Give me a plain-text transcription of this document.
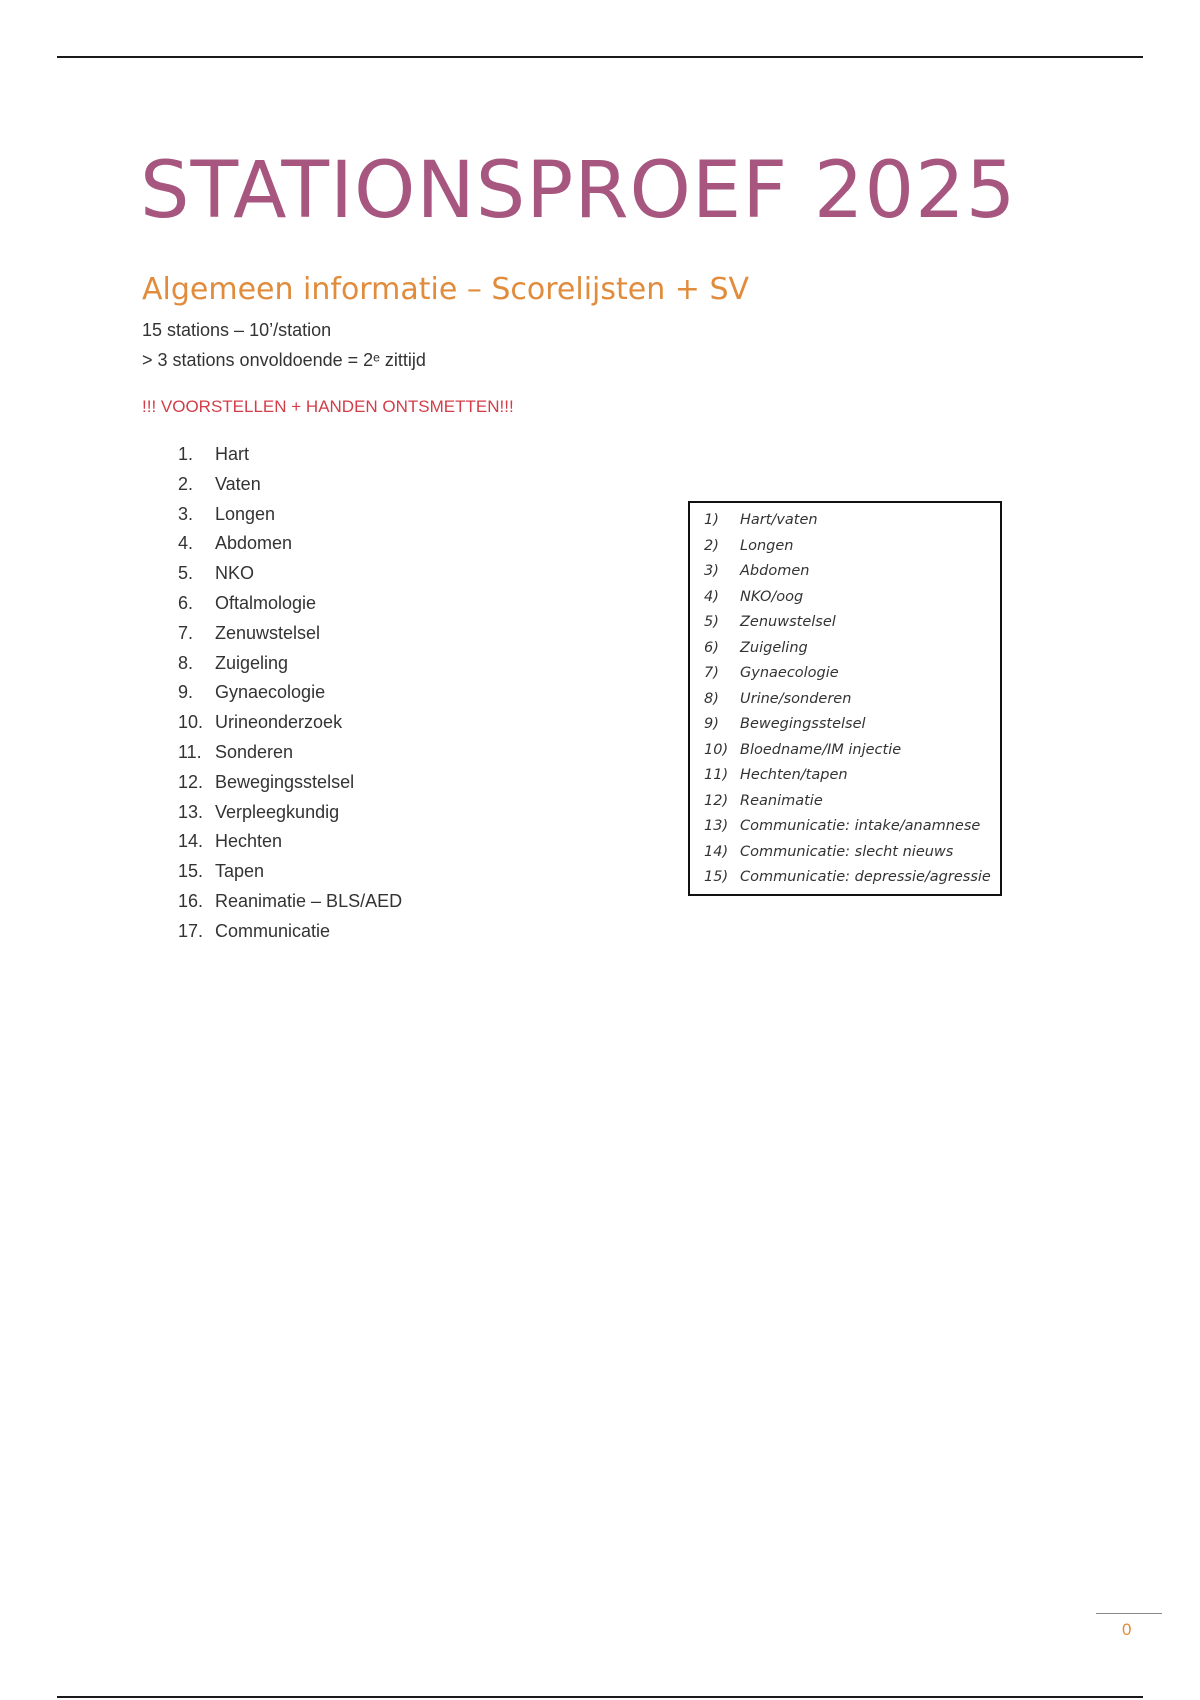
STATIONSPROEF 2025
Algemeen informatie – Scorelijsten + SV

15 stations – 10’/station

> 3 stations onvoldoende = 2ᵉ zittijd

!!! VOORSTELLEN + HANDEN ONTSMETTEN!!!

1.	Hart
2.	Vaten
3.	Longen
4.	Abdomen
5.	NKO
6.	Oftalmologie
7.	Zenuwstelsel
8.	Zuigeling
9.	Gynaecologie
10. Urineonderzoek
11. Sonderen
12. Bewegingsstelsel
13. Verpleegkundig
14. Hechten
15. Tapen
16. Reanimatie – BLS/AED
17. Communicatie
1)	Hart/vaten
2)	Longen
3)	Abdomen
4)	NKO/oog
5)	Zenuwstelsel
6)	Zuigeling
7)	Gynaecologie
8)	Urine/sonderen
9)	Bewegingsstelsel
10) Bloedname/IM injectie
11) Hechten/tapen
12) Reanimatie
13) Communicatie: intake/anamnese
14) Communicatie: slecht nieuws
15) Communicatie: depressie/agressie
0
